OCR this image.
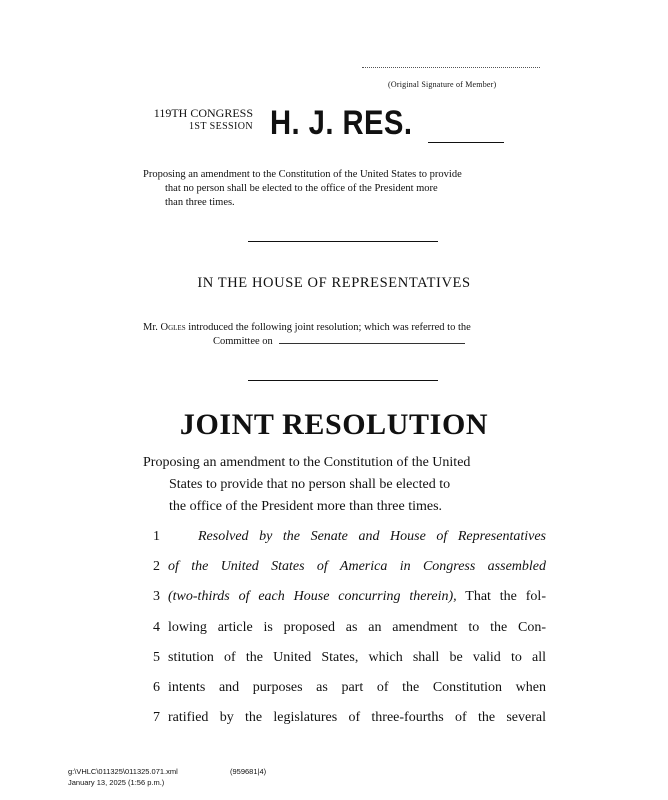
(Original Signature of Member)
119TH CONGRESS
1ST SESSION H. J. RES.
Proposing an amendment to the Constitution of the United States to provide
that no person shall be elected to the office of the President more
than three times.
IN THE HOUSE OF REPRESENTATIVES
Mr. Ogles introduced the following joint resolution; which was referred to the
Committee on
JOINT RESOLUTION
Proposing an amendment to the Constitution of the United
States to provide that no person shall be elected to
the office of the President more than three times.
1	Resolved by the Senate and House of Representatives
2 of the United States of America in Congress assembled
3 (two-thirds of each House concurring therein), That the fol-
4 lowing article is proposed as an amendment to the Con-
5 stitution of the United States, which shall be valid to all
6 intents and purposes as part of the Constitution when
7 ratified by the legislatures of three-fourths of the several
g:\VHLC\011325\011325.071.xml	(959681|4)
January 13, 2025 (1:56 p.m.)
